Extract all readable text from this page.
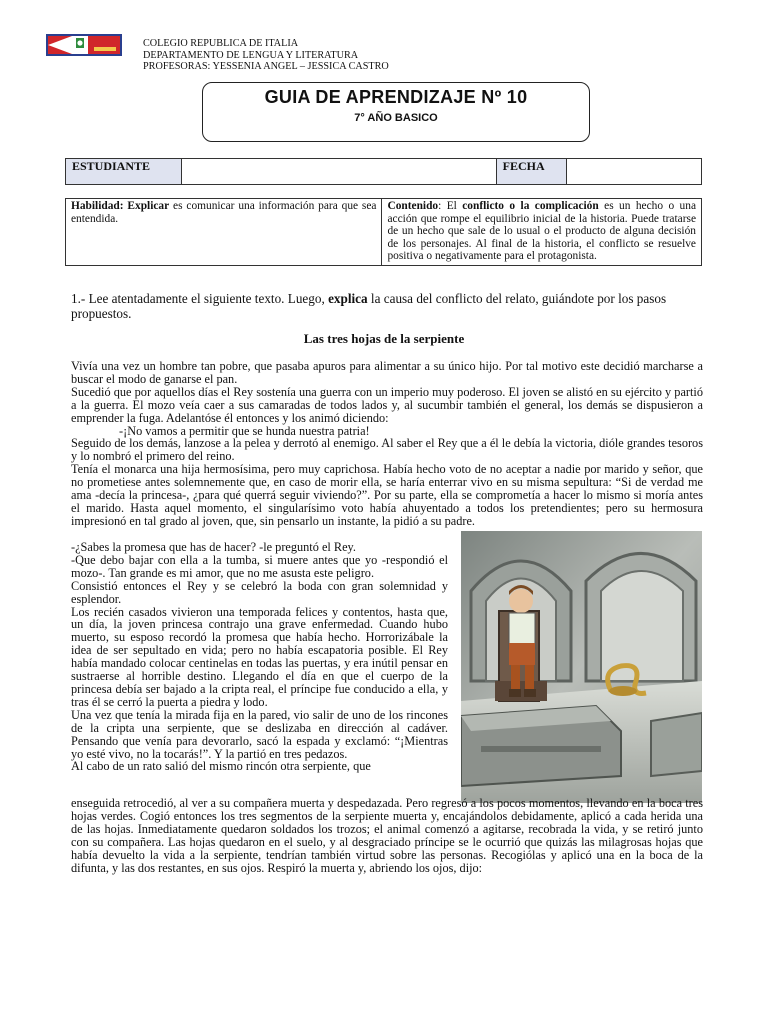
COLEGIO REPUBLICA DE ITALIA
DEPARTAMENTO DE LENGUA Y LITERATURA
PROFESORAS: YESSENIA ANGEL – JESSICA CASTRO
GUIA DE APRENDIZAJE Nº 10
7° AÑO BASICO
ESTUDIANTE		FECHA	
Habilidad: Explicar es comunicar una información para que sea entendida.	Contenido: El conflicto o la complicación es un hecho o una acción que rompe el equilibrio inicial de la historia. Puede tratarse de un hecho que sale de lo usual o el producto de alguna decisión de los personajes. Al final de la historia, el conflicto se resuelve positiva o negativamente para el protagonista.
1.- Lee atentadamente el siguiente texto. Luego, explica la causa del conflicto del relato, guiándote por los pasos propuestos.
Las tres hojas de la serpiente

Vivía una vez un hombre tan pobre, que pasaba apuros para alimentar a su único hijo. Por tal motivo este decidió marcharse a buscar el modo de ganarse el pan.

Sucedió que por aquellos días el Rey sostenía una guerra con un imperio muy poderoso. El joven se alistó en su ejército y partió a la guerra. El mozo veía caer a sus camaradas de todos lados y, al sucumbir también el general, los demás se dispusieron a emprender la fuga. Adelantóse él entonces y los animó diciendo:

-¡No vamos a permitir que se hunda nuestra patria!

Seguido de los demás, lanzose a la pelea y derrotó al enemigo. Al saber el Rey que a él le debía la victoria, dióle grandes tesoros y lo nombró el primero del reino.

Tenía el monarca una hija hermosísima, pero muy caprichosa. Había hecho voto de no aceptar a nadie por marido y señor, que no prometiese antes solemnemente que, en caso de morir ella, se haría enterrar vivo en su misma sepultura: “Si de verdad me ama -decía la princesa-, ¿para qué querrá seguir viviendo?”. Por su parte, ella se comprometía a hacer lo mismo si moría antes el marido. Hasta aquel momento, el singularísimo voto había ahuyentado a todos los pretendientes; pero su hermosura impresionó en tal grado al joven, que, sin pensarlo un instante, la pidió a su padre.

-¿Sabes la promesa que has de hacer? -le preguntó el Rey.

-Que debo bajar con ella a la tumba, si muere antes que yo -respondió el mozo-. Tan grande es mi amor, que no me asusta este peligro.

Consistió entonces el Rey y se celebró la boda con gran solemnidad y esplendor.

Los recién casados vivieron una temporada felices y contentos, hasta que, un día, la joven princesa contrajo una grave enfermedad. Cuando hubo muerto, su esposo recordó la promesa que había hecho. Horrorizábale la idea de ser sepultado en vida; pero no había escapatoria posible. El Rey había mandado colocar centinelas en todas las puertas, y era inútil pensar en sustraerse al horrible destino. Llegando el día en que el cuerpo de la princesa debía ser bajado a la cripta real, el príncipe fue conducido a ella, y tras él se cerró la puerta a piedra y lodo.

Una vez que tenía la mirada fija en la pared, vio salir de uno de los rincones de la cripta una serpiente, que se deslizaba en dirección al cadáver. Pensando que venía para devorarlo, sacó la espada y exclamó: “¡Mientras yo esté vivo, no la tocarás!”. Y la partió en tres pedazos.

Al cabo de un rato salió del mismo rincón otra serpiente, que

enseguida retrocedió, al ver a su compañera muerta y despedazada. Pero regresó a los pocos momentos, llevando en la boca tres hojas verdes. Cogió entonces los tres segmentos de la serpiente muerta y, encajándolos debidamente, aplicó a cada herida una de las hojas. Inmediatamente quedaron soldados los trozos; el animal comenzó a agitarse, recobrada la vida, y se retiró junto con su compañera. Las hojas quedaron en el suelo, y al desgraciado príncipe se le ocurrió que quizás las milagrosas hojas que había devuelto la vida a la serpiente, tendrían también virtud sobre las personas. Recogiólas y aplicó una en la boca de la difunta, y las dos restantes, en sus ojos. Respiró la muerta y, abriendo los ojos, dijo:
